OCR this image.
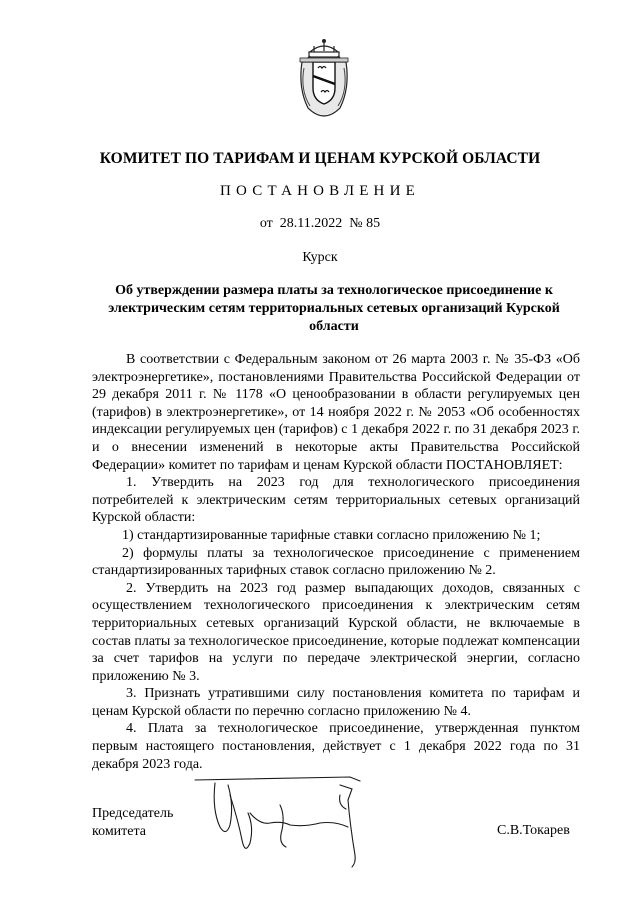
КОМИТЕТ ПО ТАРИФАМ И ЦЕНАМ КУРСКОЙ ОБЛАСТИ
ПОСТАНОВЛЕНИЕ
от  28.11.2022  № 85
Курск
Об утверждении размера платы за технологическое присоединение к электрическим сетям территориальных сетевых организаций Курской области

В соответствии с Федеральным законом от 26 марта 2003 г. № 35-ФЗ «Об электроэнергетике», постановлениями Правительства Российской Федерации от 29 декабря 2011 г. № 1178 «О ценообразовании в области регулируемых цен (тарифов) в электроэнергетике», от 14 ноября 2022 г. № 2053 «Об особенностях индексации регулируемых цен (тарифов) с 1 декабря 2022 г. по 31 декабря 2023 г. и о внесении изменений в некоторые акты Правительства Российской Федерации» комитет по тарифам и ценам Курской области ПОСТАНОВЛЯЕТ:

1. Утвердить на 2023 год для технологического присоединения потребителей к электрическим сетям территориальных сетевых организаций Курской области:

1) стандартизированные тарифные ставки согласно приложению № 1;

2) формулы платы за технологическое присоединение с применением стандартизированных тарифных ставок согласно приложению № 2.

2. Утвердить на 2023 год размер выпадающих доходов, связанных с осуществлением технологического присоединения к электрическим сетям территориальных сетевых организаций Курской области, не включаемые в состав платы за технологическое присоединение, которые подлежат компенсации за счет тарифов на услуги по передаче электрической энергии, согласно приложению № 3.

3. Признать утратившими силу постановления комитета по тарифам и ценам Курской области по перечню согласно приложению № 4.

4. Плата за технологическое присоединение, утвержденная пунктом первым настоящего постановления, действует с 1 декабря 2022 года по 31 декабря 2023 года.

Председатель
комитета	С.В.Токарев
